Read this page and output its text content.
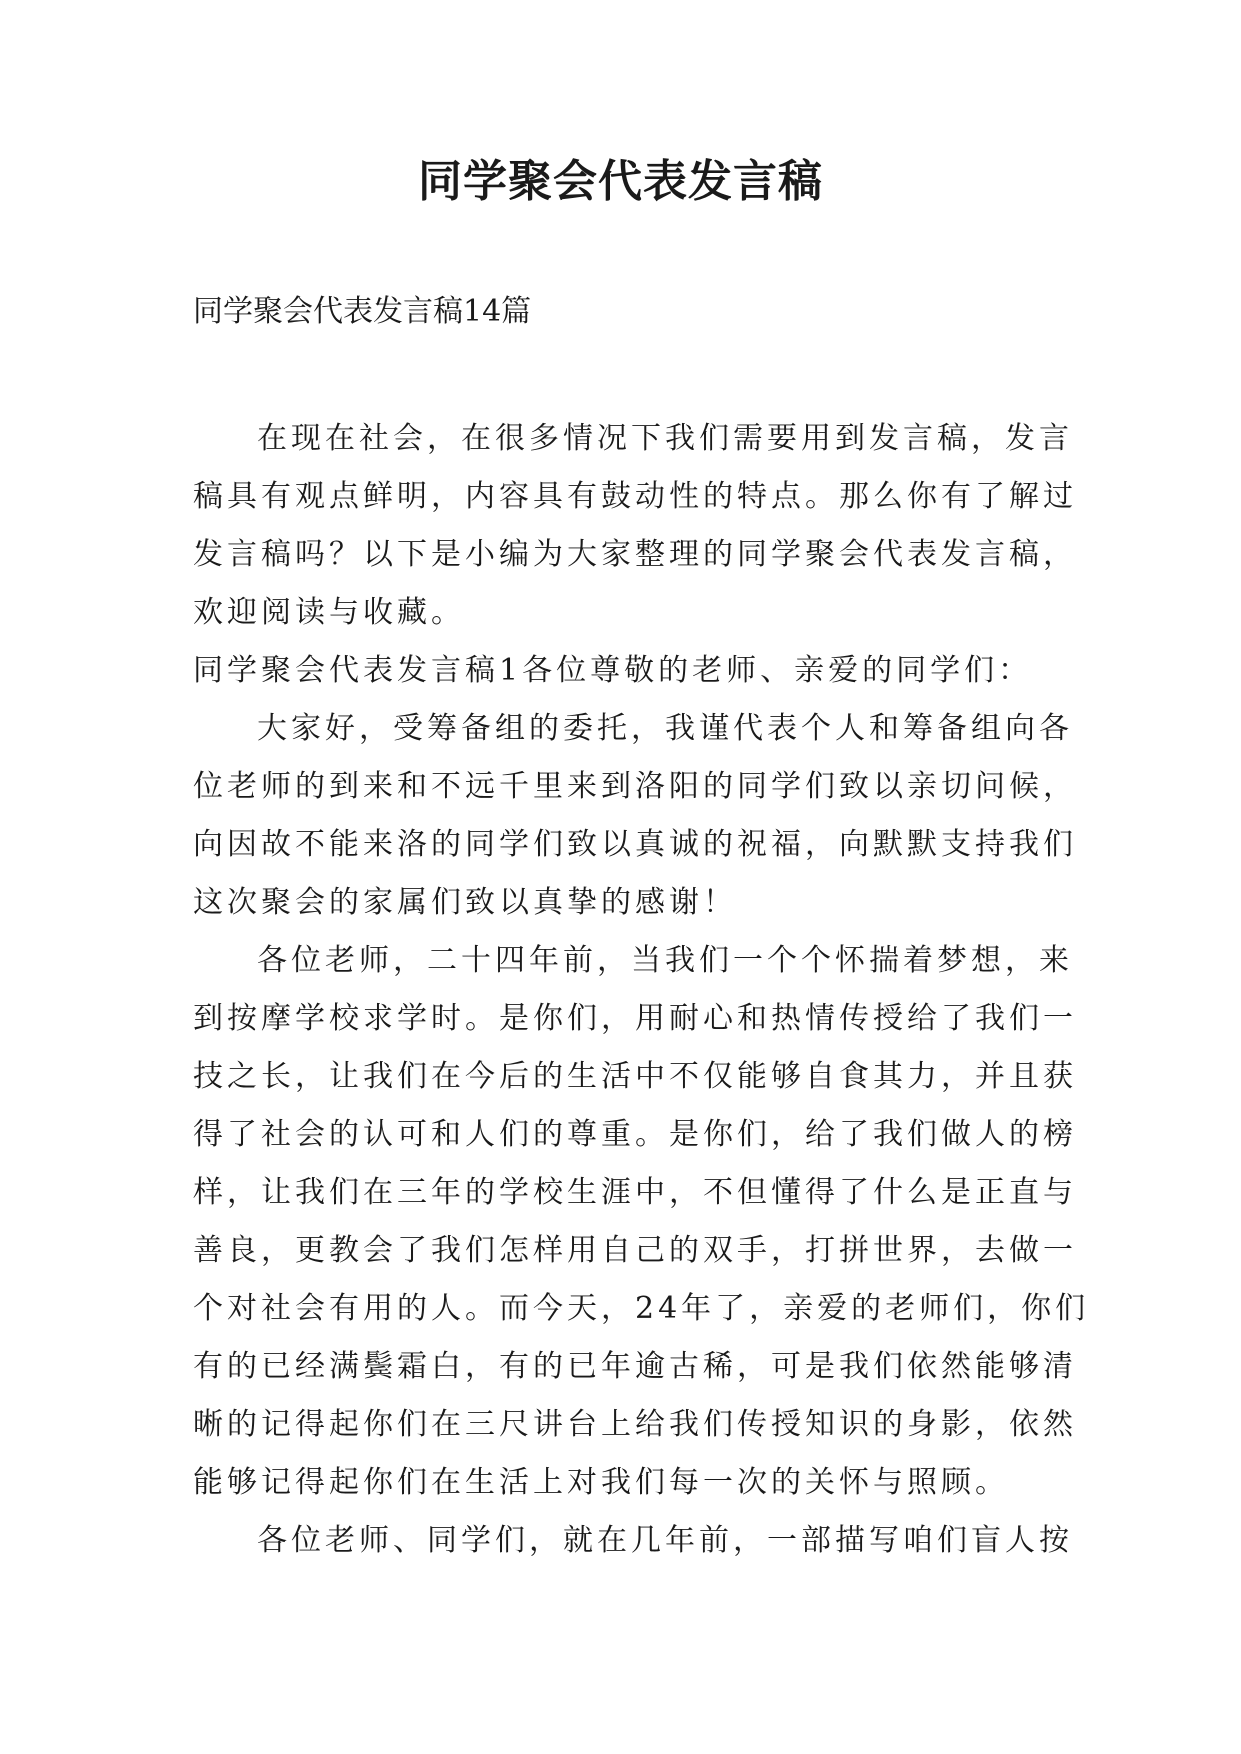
同学聚会代表发言稿

同学聚会代表发言稿14篇

在现在社会，在很多情况下我们需要用到发言稿，发言
稿具有观点鲜明，内容具有鼓动性的特点。那么你有了解过
发言稿吗？以下是小编为大家整理的同学聚会代表发言稿，
欢迎阅读与收藏。
同学聚会代表发言稿1各位尊敬的老师、亲爱的同学们：
大家好，受筹备组的委托，我谨代表个人和筹备组向各
位老师的到来和不远千里来到洛阳的同学们致以亲切问候，
向因故不能来洛的同学们致以真诚的祝福，向默默支持我们
这次聚会的家属们致以真挚的感谢！
各位老师，二十四年前，当我们一个个怀揣着梦想，来
到按摩学校求学时。是你们，用耐心和热情传授给了我们一
技之长，让我们在今后的生活中不仅能够自食其力，并且获
得了社会的认可和人们的尊重。是你们，给了我们做人的榜
样，让我们在三年的学校生涯中，不但懂得了什么是正直与
善良，更教会了我们怎样用自己的双手，打拼世界，去做一
个对社会有用的人。而今天，24年了，亲爱的老师们，你们
有的已经满鬓霜白，有的已年逾古稀，可是我们依然能够清
晰的记得起你们在三尺讲台上给我们传授知识的身影，依然
能够记得起你们在生活上对我们每一次的关怀与照顾。
各位老师、同学们，就在几年前，一部描写咱们盲人按
